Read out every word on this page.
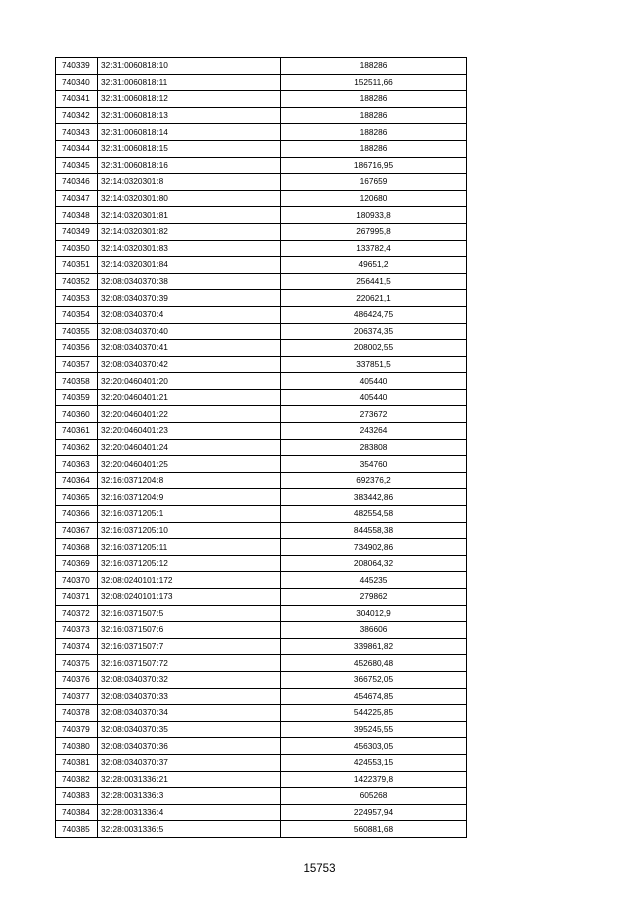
740339	32:31:0060818:10	188286
740340	32:31:0060818:11	152511,66
740341	32:31:0060818:12	188286
740342	32:31:0060818:13	188286
740343	32:31:0060818:14	188286
740344	32:31:0060818:15	188286
740345	32:31:0060818:16	186716,95
740346	32:14:0320301:8	167659
740347	32:14:0320301:80	120680
740348	32:14:0320301:81	180933,8
740349	32:14:0320301:82	267995,8
740350	32:14:0320301:83	133782,4
740351	32:14:0320301:84	49651,2
740352	32:08:0340370:38	256441,5
740353	32:08:0340370:39	220621,1
740354	32:08:0340370:4	486424,75
740355	32:08:0340370:40	206374,35
740356	32:08:0340370:41	208002,55
740357	32:08:0340370:42	337851,5
740358	32:20:0460401:20	405440
740359	32:20:0460401:21	405440
740360	32:20:0460401:22	273672
740361	32:20:0460401:23	243264
740362	32:20:0460401:24	283808
740363	32:20:0460401:25	354760
740364	32:16:0371204:8	692376,2
740365	32:16:0371204:9	383442,86
740366	32:16:0371205:1	482554,58
740367	32:16:0371205:10	844558,38
740368	32:16:0371205:11	734902,86
740369	32:16:0371205:12	208064,32
740370	32:08:0240101:172	445235
740371	32:08:0240101:173	279862
740372	32:16:0371507:5	304012,9
740373	32:16:0371507:6	386606
740374	32:16:0371507:7	339861,82
740375	32:16:0371507:72	452680,48
740376	32:08:0340370:32	366752,05
740377	32:08:0340370:33	454674,85
740378	32:08:0340370:34	544225,85
740379	32:08:0340370:35	395245,55
740380	32:08:0340370:36	456303,05
740381	32:08:0340370:37	424553,15
740382	32:28:0031336:21	1422379,8
740383	32:28:0031336:3	605268
740384	32:28:0031336:4	224957,94
740385	32:28:0031336:5	560881,68
15753
